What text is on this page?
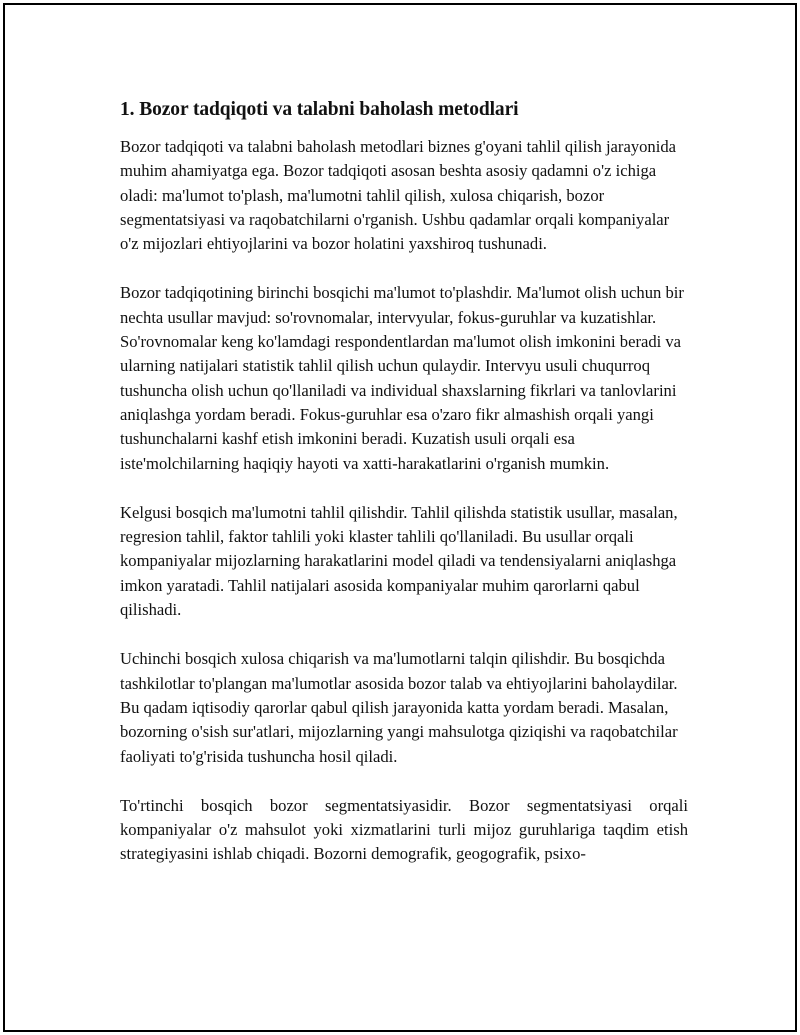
1. Bozor tadqiqoti va talabni baholash metodlari

Bozor tadqiqoti va talabni baholash metodlari biznes g'oyani tahlil qilish jarayonida muhim ahamiyatga ega. Bozor tadqiqoti asosan beshta asosiy qadamni o'z ichiga oladi: ma'lumot to'plash, ma'lumotni tahlil qilish, xulosa chiqarish, bozor segmentatsiyasi va raqobatchilarni o'rganish. Ushbu qadamlar orqali kompaniyalar o'z mijozlari ehtiyojlarini va bozor holatini yaxshiroq tushunadi.

Bozor tadqiqotining birinchi bosqichi ma'lumot to'plashdir. Ma'lumot olish uchun bir nechta usullar mavjud: so'rovnomalar, intervyular, fokus-guruhlar va kuzatishlar. So'rovnomalar keng ko'lamdagi respondentlardan ma'lumot olish imkonini beradi va ularning natijalari statistik tahlil qilish uchun qulaydir. Intervyu usuli chuqurroq tushuncha olish uchun qo'llaniladi va individual shaxslarning fikrlari va tanlovlarini aniqlashga yordam beradi. Fokus-guruhlar esa o'zaro fikr almashish orqali yangi tushunchalarni kashf etish imkonini beradi. Kuzatish usuli orqali esa iste'molchilarning haqiqiy hayoti va xatti-harakatlarini o'rganish mumkin.

Kelgusi bosqich ma'lumotni tahlil qilishdir. Tahlil qilishda statistik usullar, masalan, regresion tahlil, faktor tahlili yoki klaster tahlili qo'llaniladi. Bu usullar orqali kompaniyalar mijozlarning harakatlarini model qiladi va tendensiyalarni aniqlashga imkon yaratadi. Tahlil natijalari asosida kompaniyalar muhim qarorlarni qabul qilishadi.

Uchinchi bosqich xulosa chiqarish va ma'lumotlarni talqin qilishdir. Bu bosqichda tashkilotlar to'plangan ma'lumotlar asosida bozor talab va ehtiyojlarini baholaydilar. Bu qadam iqtisodiy qarorlar qabul qilish jarayonida katta yordam beradi. Masalan, bozorning o'sish sur'atlari, mijozlarning yangi mahsulotga qiziqishi va raqobatchilar faoliyati to'g'risida tushuncha hosil qiladi.

To'rtinchi bosqich bozor segmentatsiyasidir. Bozor segmentatsiyasi orqali kompaniyalar o'z mahsulot yoki xizmatlarini turli mijoz guruhlariga taqdim etish strategiyasini ishlab chiqadi. Bozorni demografik, geogografik, psixo-
